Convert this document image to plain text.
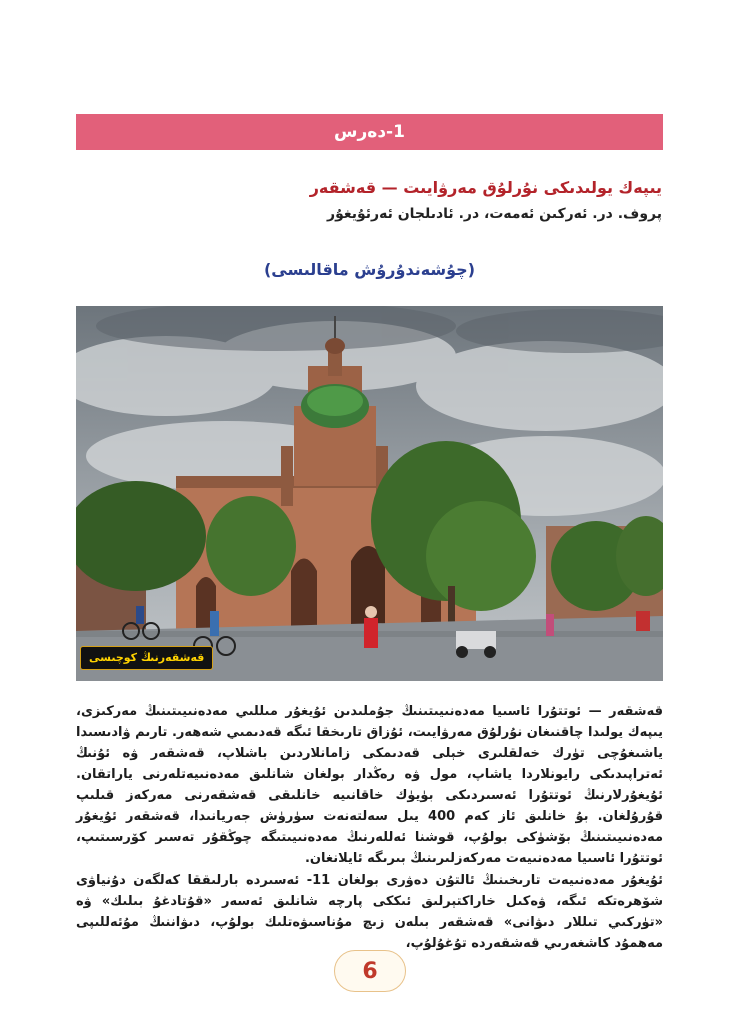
1-دەرس
يىپەك يولىدىكى نۇرلۇق مەرۋايىت — قەشقەر
پروف. در. ئەركىن ئەمەت، در. ئادىلجان ئەرئۇيغۇر
(چۇشەندۇرۇش ماقالىسى)
قەشقەرنىڭ كوچىسى

قەشقەر — ئوتتۇرا ئاسىيا مەدەنىيىتىنىڭ جۇملىدىن ئۇيغۇر مىللىي مەدەنىيىتىنىڭ مەركىزى، يىپەك يولىدا چاقنىغان نۇرلۇق مەرۋايىت، ئۇزاق تارىخقا ئىگە قەدىمىي شەھەر. تارىم ۋادىسىدا ياشىغۇچى تۈرك خەلقلىرى خېلى قەدىمكى زامانلاردىن باشلاپ، قەشقەر ۋە ئۇنىڭ ئەتراپىدىكى رايونلاردا ياشاپ، مول ۋە رەڭدار بولغان شانلىق مەدەنىيەتلەرنى ياراتقان. ئۇيغۇرلارنىڭ ئوتتۇرا ئەسىردىكى بۈيۈك خاقانىيە خانلىقى قەشقەرنى مەركەز قىلىپ قۇرۇلغان. بۇ خانلىق ئاز كەم 400 يىل سەلتەنەت سۈرۈش جەريانىدا، قەشقەر ئۇيغۇر مەدەنىيىتىنىڭ بۆشۈكى بولۇپ، قوشنا ئەللەرنىڭ مەدەنىيىتىگە چوڭقۇر تەسىر كۆرسىتىپ، ئوتتۇرا ئاسىيا مەدەنىيەت مەركەزلىرىنىڭ بىرىگە ئايلانغان.

ئۇيغۇر مەدەنىيەت تارىخىنىڭ ئالتۇن دەۋرى بولغان 11- ئەسىردە بارلىققا كەلگەن دۇنياۋى شۆھرەتكە ئىگە، ۋەكىل خاراكتېرلىق ئىككى پارچە شانلىق ئەسەر «قۇتادغۇ بىلىك» ۋە «تۈركىي تىللار دىۋانى» قەشقەر بىلەن زىچ مۇناسىۋەتلىك بولۇپ، دىۋاننىڭ مۇئەللىپى مەھمۇد كاشغەرىي قەشقەردە تۇغۇلۇپ،

6
